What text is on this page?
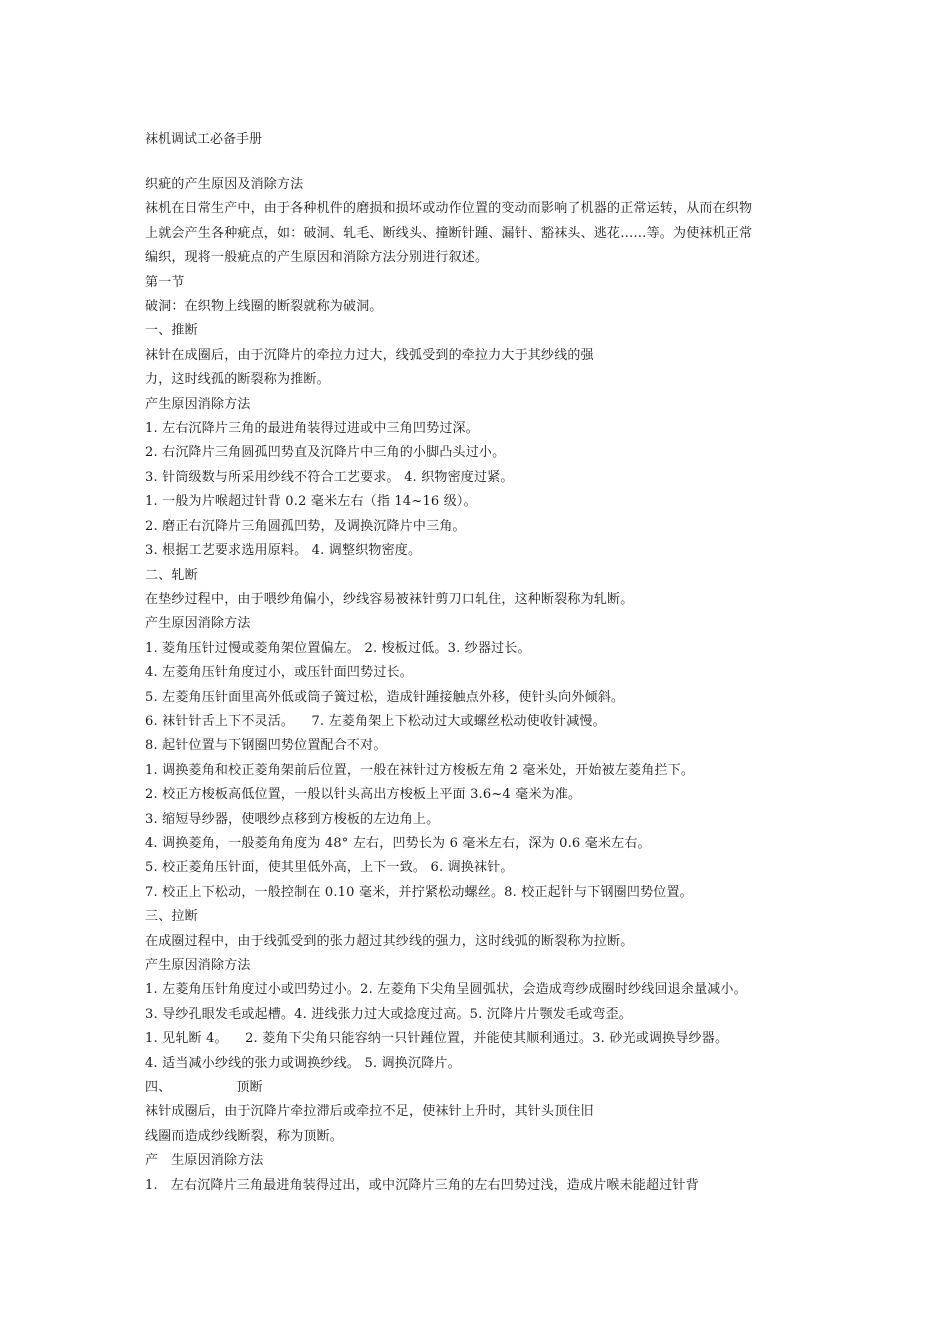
袜机调试工必备手册
织疵的产生原因及消除方法
袜机在日常生产中，由于各种机件的磨损和损坏或动作位置的变动而影响了机器的正常运转，从而在织物
上就会产生各种疵点，如：破洞、轧毛、断线头、撞断针踵、漏针、豁袜头、逃花……等。为使袜机正常
编织，现将一般疵点的产生原因和消除方法分别进行叙述。
第一节
破洞：在织物上线圈的断裂就称为破洞。
一、推断
袜针在成圈后，由于沉降片的牵拉力过大，线弧受到的牵拉力大于其纱线的强
力，这时线孤的断裂称为推断。
产生原因消除方法
1. 左右沉降片三角的最进角装得过进或中三角凹势过深。
2. 右沉降片三角圆孤凹势直及沉降片中三角的小脚凸头过小。
3. 针筒级数与所采用纱线不符合工艺要求。 4. 织物密度过紧。
1. 一般为片喉超过针背 0.2 毫米左右（指 14~16 级）。
2. 磨正右沉降片三角圆孤凹势，及调换沉降片中三角。
3. 根据工艺要求选用原料。 4. 调整织物密度。
二、轧断
在垫纱过程中，由于喂纱角偏小，纱线容易被袜针剪刀口轧住，这种断裂称为轧断。
产生原因消除方法
1. 菱角压针过慢或菱角架位置偏左。 2. 梭板过低。3. 纱器过长。
4. 左菱角压针角度过小，或压针面凹势过长。
5. 左菱角压针面里高外低或筒子簧过松，造成针踵接触点外移，使针头向外倾斜。
6. 袜针针舌上下不灵活。    7. 左菱角架上下松动过大或螺丝松动使收针减慢。
8. 起针位置与下钢圈凹势位置配合不对。
1. 调换菱角和校正菱角架前后位置，一般在袜针过方梭板左角 2 毫米处，开始被左菱角拦下。
2. 校正方梭板高低位置，一般以针头高出方梭板上平面 3.6~4 毫米为准。
3. 缩短导纱器，使喂纱点移到方梭板的左边角上。
4. 调换菱角，一般菱角角度为 48° 左右，凹势长为 6 毫米左右，深为 0.6 毫米左右。
5. 校正菱角压针面，使其里低外高，上下一致。 6. 调换袜针。
7. 校正上下松动，一般控制在 0.10 毫米，并拧紧松动螺丝。8. 校正起针与下钢圈凹势位置。
三、拉断
在成圈过程中，由于线弧受到的张力超过其纱线的强力，这时线弧的断裂称为拉断。
产生原因消除方法
1. 左菱角压针角度过小或凹势过小。2. 左菱角下尖角呈圆弧状，会造成弯纱成圈时纱线回退余量减小。
3. 导纱孔眼发毛或起槽。4. 进线张力过大或捻度过高。5. 沉降片片颚发毛或弯歪。
1. 见轧断 4。    2. 菱角下尖角只能容纳一只针踵位置，并能使其顺利通过。3. 砂光或调换导纱器。
4. 适当减小纱线的张力或调换纱线。 5. 调换沉降片。
四、               顶断
袜针成圈后，由于沉降片牵拉滞后或牵拉不足，使袜针上升时，其针头顶住旧
线圈而造成纱线断裂，称为顶断。
产   生原因消除方法
1.   左右沉降片三角最进角装得过出，或中沉降片三角的左右凹势过浅，造成片喉未能超过针背
